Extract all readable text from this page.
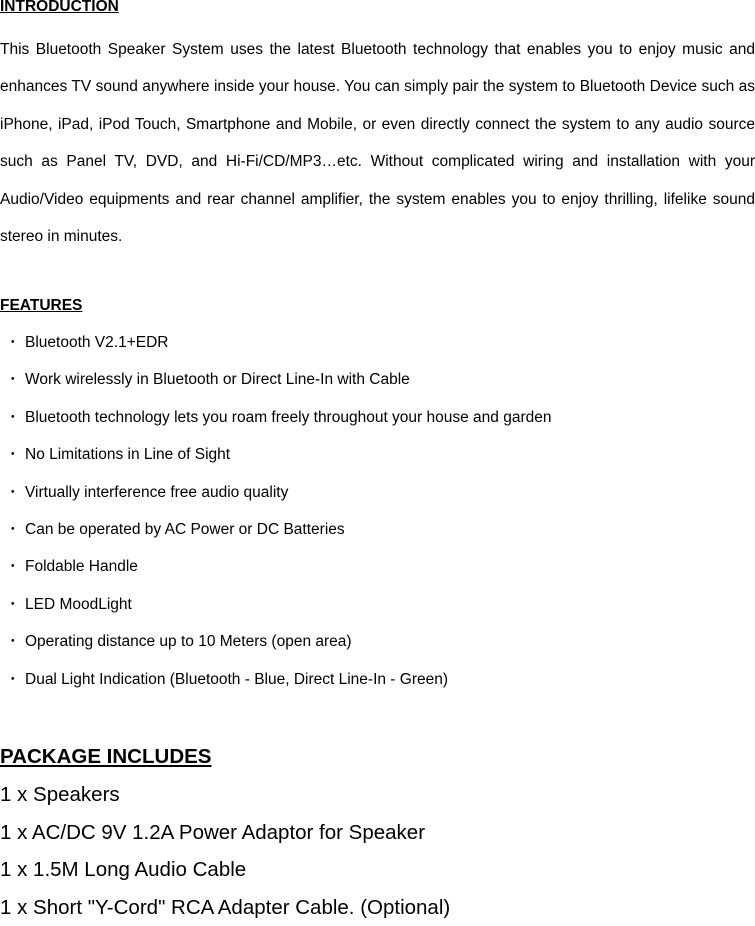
INTRODUCTION

This Bluetooth Speaker System uses the latest Bluetooth technology that enables you to enjoy music and enhances TV sound anywhere inside your house. You can simply pair the system to Bluetooth Device such as iPhone, iPad, iPod Touch, Smartphone and Mobile, or even directly connect the system to any audio source such as Panel TV, DVD, and Hi-Fi/CD/MP3…etc. Without complicated wiring and installation with your Audio/Video equipments and rear channel amplifier, the system enables you to enjoy thrilling, lifelike sound stereo in minutes.

FEATURES
・ Bluetooth V2.1+EDR
・ Work wirelessly in Bluetooth or Direct Line-In with Cable
・ Bluetooth technology lets you roam freely throughout your house and garden
・ No Limitations in Line of Sight
・ Virtually interference free audio quality
・ Can be operated by AC Power or DC Batteries
・ Foldable Handle
・ LED MoodLight
・ Operating distance up to 10 Meters (open area)
・ Dual Light Indication (Bluetooth - Blue, Direct Line-In - Green)
PACKAGE INCLUDES
1 x Speakers
1 x AC/DC 9V 1.2A Power Adaptor for Speaker
1 x 1.5M Long Audio Cable
1 x Short "Y-Cord" RCA Adapter Cable. (Optional)
